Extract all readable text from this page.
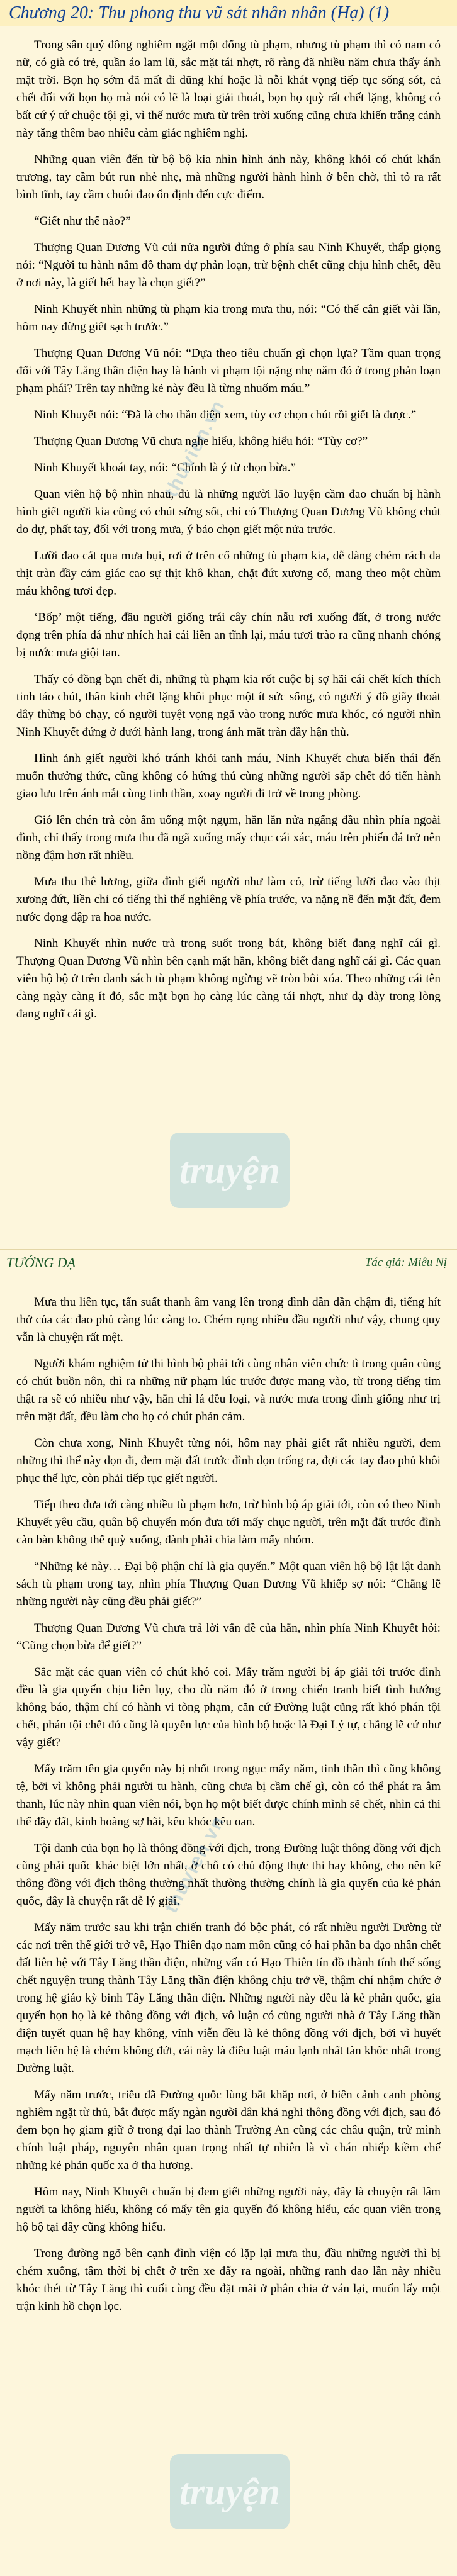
Chương 20: Thu phong thu vũ sát nhân nhân (Hạ) (1)

Trong sân quý đông nghiêm ngặt một đống tù phạm, nhưng tù phạm thì có nam có nữ, có già có trẻ, quần áo lam lũ, sắc mặt tái nhợt, rõ ràng đã nhiều năm chưa thấy ánh mặt trời. Bọn họ sớm đã mất đi dũng khí hoặc là nỗi khát vọng tiếp tục sống sót, cả chết đối với bọn họ mà nói có lẽ là loại giải thoát, bọn họ quỳ rất chết lặng, không có bất cứ ý tứ chuộc tội gì, vì thế nước mưa từ trên trời xuống cũng chưa khiến trắng cảnh này tăng thêm bao nhiêu cảm giác nghiêm nghị.

Những quan viên đến từ bộ bộ kia nhìn hình ảnh này, không khỏi có chút khẩn trương, tay cầm bút run nhè nhẹ, mà những người hành hình ở bên chờ, thì tỏ ra rất bình tĩnh, tay cầm chuôi đao ổn định đến cực điểm.

“Giết như thế nào?”

Thượng Quan Dương Vũ cúi nửa người đứng ở phía sau Ninh Khuyết, thấp giọng nói: “Người tu hành nắm đồ tham dự phản loạn, trừ bệnh chết cũng chịu hình chết, đều ở nơi này, là giết hết hay là chọn giết?”

Ninh Khuyết nhìn những tù phạm kia trong mưa thu, nói: “Có thể cắn giết vài lần, hôm nay đừng giết sạch trước.”

Thượng Quan Dương Vũ nói: “Dựa theo tiêu chuẩn gì chọn lựa? Tầm quan trọng đối với Tây Lăng thần điện hay là hành vi phạm tội nặng nhẹ năm đó ở trong phản loạn phạm phái? Trên tay những kẻ này đều là từng nhuốm máu.”

Ninh Khuyết nói: “Đã là cho thần điện xem, tùy cơ chọn chút rồi giết là được.”

Thượng Quan Dương Vũ chưa nghe hiểu, không hiểu hỏi: “Tùy cơ?”

Ninh Khuyết khoát tay, nói: “Chính là ý từ chọn bừa.”

Quan viên hộ bộ nhìn nhau, đủ là những người lão luyện cầm đao chuẩn bị hành hình giết người kia cũng có chút sửng sốt, chỉ có Thượng Quan Dương Vũ không chút do dự, phất tay, đối với trong mưa, ý bảo chọn giết một nửa trước.

Lưỡi đao cắt qua mưa bụi, rơi ở trên cổ những tù phạm kia, dễ dàng chém rách da thịt tràn đầy cảm giác cao sự thịt khô khan, chặt đứt xương cổ, mang theo một chùm máu không tươi đẹp.

‘Bốp’ một tiếng, đầu người giống trái cây chín nẫu rơi xuống đất, ở trong nước đọng trên phía đá như nhích hai cái liền an tĩnh lại, máu tươi trào ra cũng nhanh chóng bị nước mưa giội tan.

Thấy có đồng bạn chết đi, những tù phạm kia rốt cuộc bị sợ hãi cái chết kích thích tinh táo chút, thân kinh chết lặng khôi phục một ít sức sống, có người ý đồ giãy thoát dây thừng bỏ chạy, có người tuyệt vọng ngã vào trong nước mưa khóc, có người nhìn Ninh Khuyết đứng ở dưới hành lang, trong ánh mắt tràn đầy hận thù.

Hình ảnh giết người khó tránh khỏi tanh máu, Ninh Khuyết chưa biến thái đến muốn thưởng thức, cũng không có hứng thú cùng những người sắp chết đó tiến hành giao lưu trên ánh mắt cùng tinh thần, xoay người đi trở về trong phòng.

Gió lên chén trà còn ấm uống một ngụm, hắn lẳn nửa ngẩng đầu nhìn phía ngoài đình, chỉ thấy trong mưa thu đã ngã xuống mấy chục cái xác, máu trên phiến đá trở nên nồng đậm hơn rất nhiều.

Mưa thu thê lương, giữa đình giết người như làm cỏ, trừ tiếng lưỡi đao vào thịt xương đứt, liền chỉ có tiếng thì thể nghiêng về phía trước, va nặng nề đến mặt đất, đem nước đọng đập ra hoa nước.

Ninh Khuyết nhìn nước trà trong suốt trong bát, không biết đang nghĩ cái gì. Thượng Quan Dương Vũ nhìn bên cạnh mặt hắn, không biết đang nghĩ cái gì. Các quan viên hộ bộ ở trên danh sách tù phạm không ngừng vẽ tròn bôi xóa. Theo những cái tên càng ngày càng ít đỏ, sắc mặt bọn họ càng lúc càng tái nhợt, như dạ dày trong lòng đang nghĩ cái gì.

TƯỚNG DẠ	Tác giả: Miêu Nị

Mưa thu liên tục, tẩn suất thanh âm vang lên trong đình dần dần chậm đi, tiếng hít thở của các đao phủ càng lúc càng to. Chém rụng nhiều đầu người như vậy, chung quy vẫn là chuyện rất mệt.

Người khám nghiệm tử thi hình bộ phải tới cùng nhân viên chức tì trong quân cũng có chút buồn nôn, thì ra những nữ phạm lúc trước được mang vào, từ trong tiếng tim thật ra sẽ có nhiều như vậy, hắn chỉ lá đều loại, và nước mưa trong đình giống như trị trên mặt đất, đều làm cho họ có chút phản cảm.

Còn chưa xong, Ninh Khuyết từng nói, hôm nay phải giết rất nhiều người, đem những thì thể này dọn đi, đem mặt đất trước đình dọn trống ra, đợi các tay đao phủ khôi phục thể lực, còn phải tiếp tục giết người.

Tiếp theo đưa tới càng nhiều tù phạm hơn, trừ hình bộ áp giải tới, còn có theo Ninh Khuyết yêu cầu, quân bộ chuyển món đưa tới mấy chục người, trên mặt đất trước đình càn bàn không thể quỳ xuống, đành phải chia làm mấy nhóm.

“Những kẻ này… Đại bộ phận chỉ là gia quyến.” Một quan viên hộ bộ lật lật danh sách tù phạm trong tay, nhìn phía Thượng Quan Dương Vũ khiếp sợ nói: “Chẳng lẽ những người này cũng đều phải giết?”

Thượng Quan Dương Vũ chưa trả lời vấn đề của hắn, nhìn phía Ninh Khuyết hỏi: “Cũng chọn bừa để giết?”

Sắc mặt các quan viên có chút khó coi. Mấy trăm người bị áp giải tới trước đình đều là gia quyến chịu liên lụy, cho dù năm đó ở trong chiến tranh biết tình hướng không báo, thậm chí có hành vi tòng phạm, căn cứ Đường luật cũng rất khó phán tội chết, phán tội chết đó cũng là quyền lực của hình bộ hoặc là Đại Lý tự, chẳng lẽ cứ như vậy giết?

Mấy trăm tên gia quyến này bị nhốt trong ngục mấy năm, tinh thần thì cũng không tệ, bởi vì không phải người tu hành, cũng chưa bị cầm chế gì, còn có thể phát ra âm thanh, lúc này nhìn quan viên nói, bọn họ một biết được chính mình sẽ chết, nhìn cả thi thể đầy đất, kinh hoàng sợ hãi, kêu khóc kêu oan.

Tội danh của bọn họ là thông đồng với địch, trong Đường luật thông đồng với địch cũng phải quốc khác biệt lớn nhất, ở chỗ có chủ động thực thi hay không, cho nên kể thông đồng với địch thông thường nhất thường thường chính là gia quyến của kẻ phản quốc, đây là chuyện rất dễ lý giải.

Mấy năm trước sau khi trận chiến tranh đó bộc phát, có rất nhiều người Đường từ các nơi trên thế giới trở về, Hạo Thiên đạo nam môn cũng có hai phần ba đạo nhân chết đất liên hệ với Tây Lăng thần điện, những vấn có Hạo Thiên tín đồ thành tính thế sống chết nguyện trung thành Tây Lăng thần điện không chịu trở về, thậm chí nhậm chức ở trong hệ giáo kỳ binh Tây Lăng thần điện. Những người này đều là kẻ phản quốc, gia quyến bọn họ là kẻ thông đồng với địch, vô luận có cũng người nhà ở Tây Lăng thần điện tuyết quan hệ hay không, vĩnh viễn đều là kẻ thông đồng với địch, bởi vì huyết mạch liên hệ là chém không đứt, cái này là điều luật máu lạnh nhất tàn khốc nhất trong Đường luật.

Mấy năm trước, triều đã Đường quốc lùng bắt khắp nơi, ở biên cảnh canh phòng nghiêm ngặt từ thủ, bắt được mấy ngàn người dân khả nghi thông đồng với địch, sau đó đem bọn họ giam giữ ở trong đại lao thành Trường An cũng các châu quận, trừ mình chính luật pháp, nguyên nhân quan trọng nhất tự nhiên là vì chán nhiếp kiềm chế những kẻ phản quốc xa ở tha hương.

Hôm nay, Ninh Khuyết chuẩn bị đem giết những người này, đây là chuyện rất lâm người ta không hiểu, không có mấy tên gia quyến đó không hiểu, các quan viên trong hộ bộ tại đây cũng không hiểu.

Trong đường ngõ bên cạnh đình viện có lặp lại mưa thu, đầu những người thì bị chém xuống, tâm thời bị chết ở trên xe đẩy ra ngoài, những ranh dao lần này nhiều khóc thét từ Tây Lăng thì cuối cùng đều đặt mãi ở phân chia ở ván lại, muốn lấy một trận kinh hồ chọn lọc.

thuvien.vn
thuvien.vn
truyện
truyện
